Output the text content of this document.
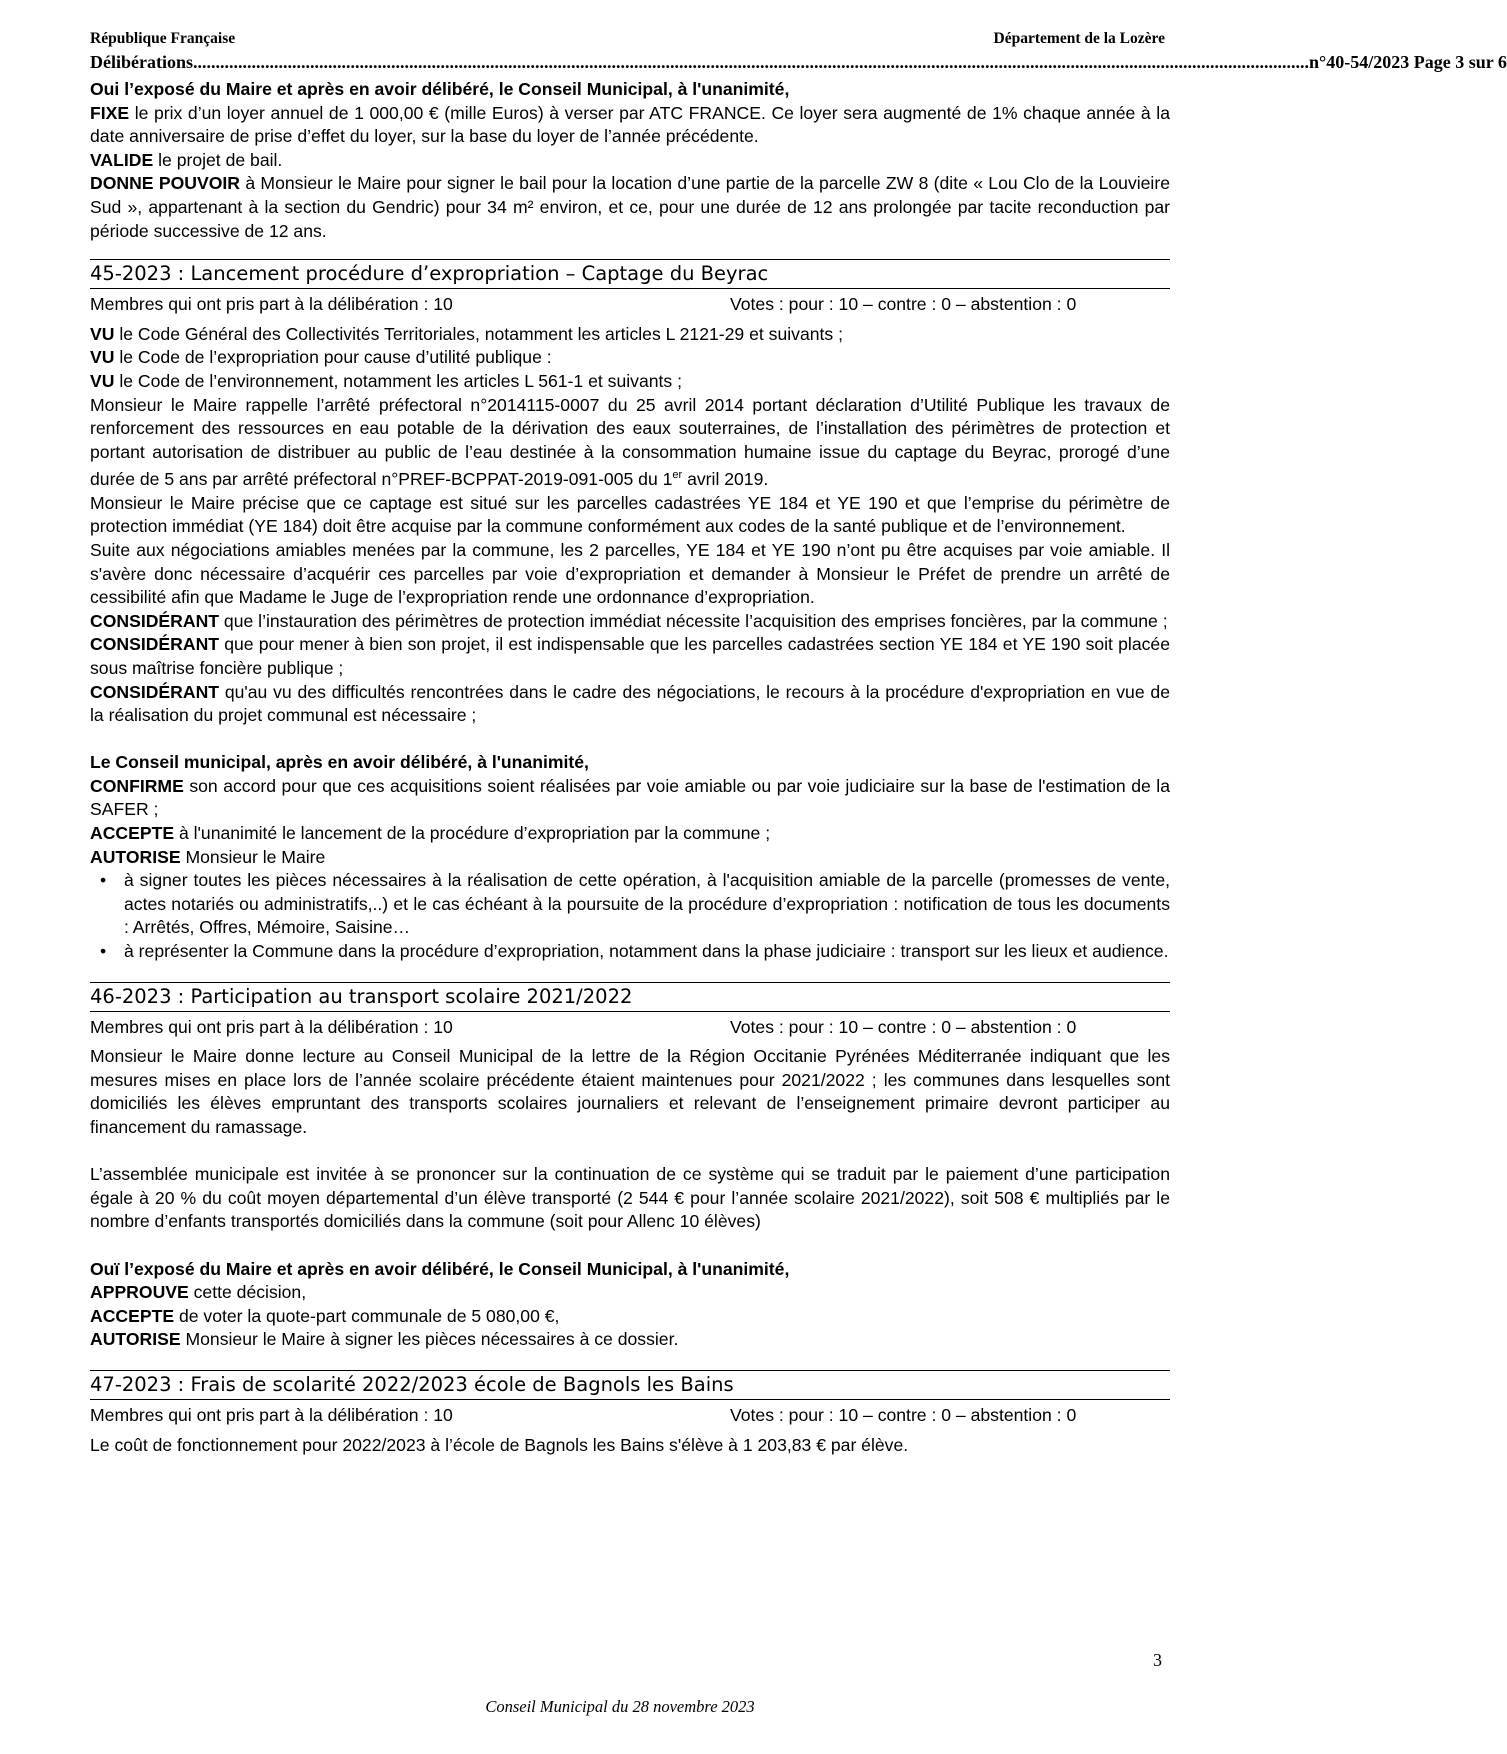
République Française	Département de la Lozère
Délibérations ........................................................................................................................................................................................................................................................ n°40-54/2023 Page 3 sur 6

Oui l’exposé du Maire et après en avoir délibéré, le Conseil Municipal, à l'unanimité,

FIXE le prix d’un loyer annuel de 1 000,00 € (mille Euros) à verser par ATC FRANCE. Ce loyer sera augmenté de 1% chaque année à la date anniversaire de prise d’effet du loyer, sur la base du loyer de l’année précédente.

VALIDE le projet de bail.

DONNE POUVOIR à Monsieur le Maire pour signer le bail pour la location d’une partie de la parcelle ZW 8 (dite « Lou Clo de la Louvieire Sud », appartenant à la section du Gendric) pour 34 m² environ, et ce, pour une durée de 12 ans prolongée par tacite reconduction par période successive de 12 ans.

45-2023 : Lancement procédure d’expropriation – Captage du Beyrac
Membres qui ont pris part à la délibération : 10	Votes : pour : 10 – contre : 0 – abstention : 0

VU le Code Général des Collectivités Territoriales, notamment les articles L 2121-29 et suivants ;

VU le Code de l’expropriation pour cause d’utilité publique :

VU le Code de l’environnement, notamment les articles L 561-1 et suivants ;

Monsieur le Maire rappelle l’arrêté préfectoral n°2014115-0007 du 25 avril 2014 portant déclaration d’Utilité Publique les travaux de renforcement des ressources en eau potable de la dérivation des eaux souterraines, de l’installation des périmètres de protection et portant autorisation de distribuer au public de l’eau destinée à la consommation humaine issue du captage du Beyrac, prorogé d’une durée de 5 ans par arrêté préfectoral n°PREF-BCPPAT-2019-091-005 du 1er avril 2019.

Monsieur le Maire précise que ce captage est situé sur les parcelles cadastrées YE 184 et YE 190 et que l’emprise du périmètre de protection immédiat (YE 184) doit être acquise par la commune conformément aux codes de la santé publique et de l’environnement.

Suite aux négociations amiables menées par la commune, les 2 parcelles, YE 184 et YE 190 n’ont pu être acquises par voie amiable. Il s'avère donc nécessaire d’acquérir ces parcelles par voie d’expropriation et demander à Monsieur le Préfet de prendre un arrêté de cessibilité afin que Madame le Juge de l’expropriation rende une ordonnance d’expropriation.

CONSIDÉRANT que l’instauration des périmètres de protection immédiat nécessite l’acquisition des emprises foncières, par la commune ;

CONSIDÉRANT que pour mener à bien son projet, il est indispensable que les parcelles cadastrées section YE 184 et YE 190 soit placée sous maîtrise foncière publique ;

CONSIDÉRANT qu'au vu des difficultés rencontrées dans le cadre des négociations, le recours à la procédure d'expropriation en vue de la réalisation du projet communal est nécessaire ;

Le Conseil municipal, après en avoir délibéré, à l'unanimité,

CONFIRME son accord pour que ces acquisitions soient réalisées par voie amiable ou par voie judiciaire sur la base de l'estimation de la SAFER ;

ACCEPTE à l'unanimité le lancement de la procédure d’expropriation par la commune ;

AUTORISE Monsieur le Maire

• à signer toutes les pièces nécessaires à la réalisation de cette opération, à l'acquisition amiable de la parcelle (promesses de vente, actes notariés ou administratifs,..) et le cas échéant à la poursuite de la procédure d’expropriation : notification de tous les documents : Arrêtés, Offres, Mémoire, Saisine…
• à représenter la Commune dans la procédure d’expropriation, notamment dans la phase judiciaire : transport sur les lieux et audience.
46-2023 : Participation au transport scolaire 2021/2022
Membres qui ont pris part à la délibération : 10	Votes : pour : 10 – contre : 0 – abstention : 0

Monsieur le Maire donne lecture au Conseil Municipal de la lettre de la Région Occitanie Pyrénées Méditerranée indiquant que les mesures mises en place lors de l’année scolaire précédente étaient maintenues pour 2021/2022 ; les communes dans lesquelles sont domiciliés les élèves empruntant des transports scolaires journaliers et relevant de l’enseignement primaire devront participer au financement du ramassage.

L’assemblée municipale est invitée à se prononcer sur la continuation de ce système qui se traduit par le paiement d’une participation égale à 20 % du coût moyen départemental d’un élève transporté (2 544 € pour l’année scolaire 2021/2022), soit 508 € multipliés par le nombre d’enfants transportés domiciliés dans la commune (soit pour Allenc 10 élèves)

Ouï l’exposé du Maire et après en avoir délibéré, le Conseil Municipal, à l'unanimité,

APPROUVE cette décision,

ACCEPTE de voter la quote-part communale de 5 080,00 €,

AUTORISE Monsieur le Maire à signer les pièces nécessaires à ce dossier.

47-2023 : Frais de scolarité 2022/2023 école de Bagnols les Bains
Membres qui ont pris part à la délibération : 10	Votes : pour : 10 – contre : 0 – abstention : 0

Le coût de fonctionnement pour 2022/2023 à l’école de Bagnols les Bains s'élève à 1 203,83 € par élève.

3
Conseil Municipal du 28 novembre 2023
